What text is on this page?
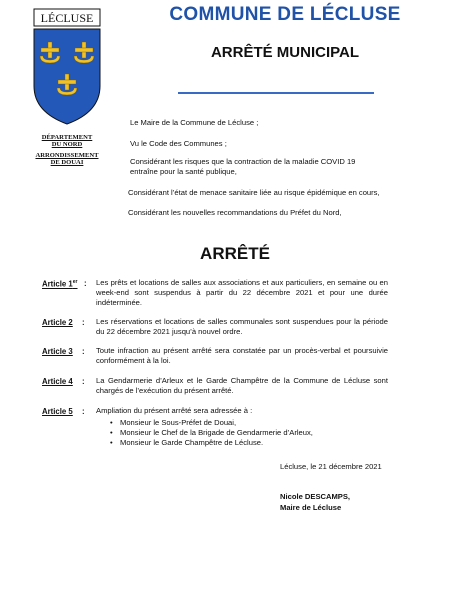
LÉCLUSE
DÉPARTEMENT
DU NORD
ARRONDISSEMENT
DE DOUAI
COMMUNE DE LÉCLUSE
ARRÊTÉ MUNICIPAL
Le Maire de la Commune de Lécluse ;
Vu le Code des Communes ;
Considérant les risques que la contraction de la maladie COVID 19 entraîne pour la santé publique,
Considérant l’état de menace sanitaire liée au risque épidémique en cours,
Considérant les nouvelles recommandations du Préfet du Nord,
ARRÊTÉ
Article 1er : Les prêts et locations de salles aux associations et aux particuliers, en semaine ou en week-end sont suspendus à partir du 22 décembre 2021 et pour une durée indéterminée.
Article 2 : Les réservations et locations de salles communales sont suspendues pour la période du 22 décembre 2021 jusqu’à nouvel ordre.
Article 3 : Toute infraction au présent arrêté sera constatée par un procès-verbal et poursuivie conformément à la loi.
Article 4 : La Gendarmerie d’Arleux et le Garde Champêtre de la Commune de Lécluse sont chargés de l’exécution du présent arrêté.
Article 5 : Ampliation du présent arrêté sera adressée à :
• Monsieur le Sous-Préfet de Douai,
• Monsieur le Chef de la Brigade de Gendarmerie d’Arleux,
• Monsieur le Garde Champêtre de Lécluse.
Lécluse, le 21 décembre 2021
Nicole DESCAMPS,
Maire de Lécluse
